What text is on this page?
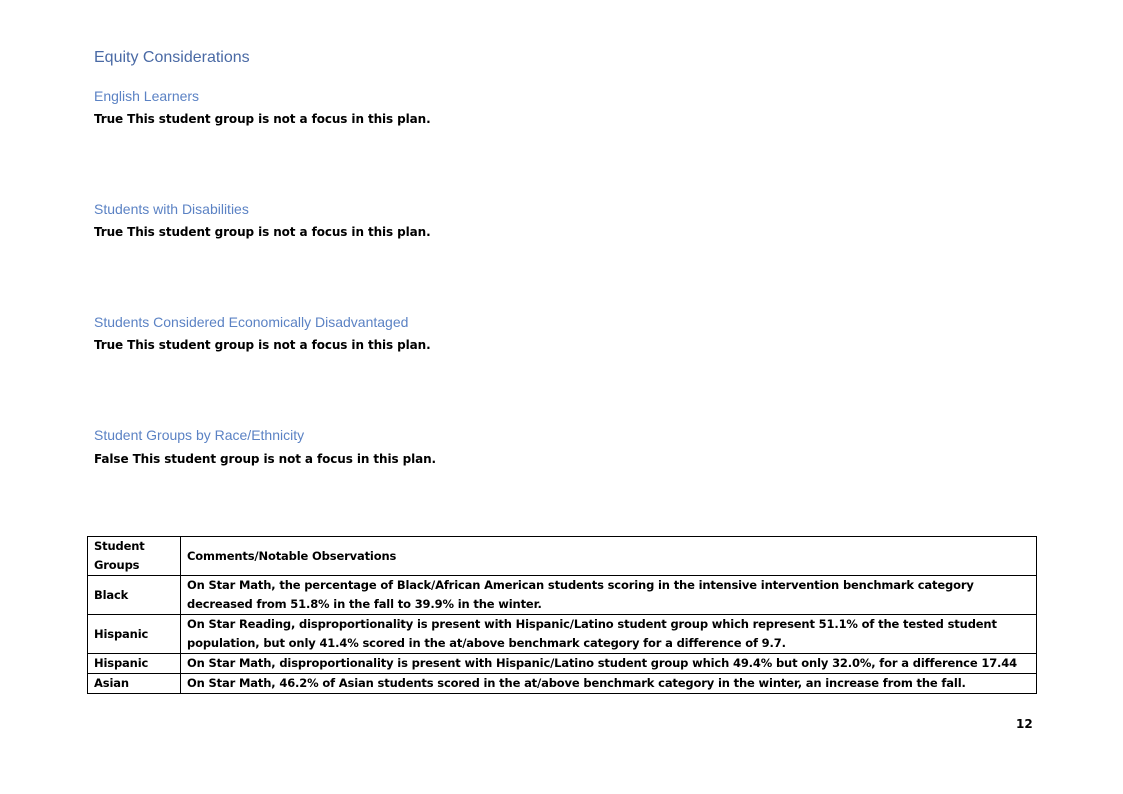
Equity Considerations
English Learners

True This student group is not a focus in this plan.

Students with Disabilities

True This student group is not a focus in this plan.

Students Considered Economically Disadvantaged

True This student group is not a focus in this plan.

Student Groups by Race/Ethnicity

False This student group is not a focus in this plan.

Student Groups	Comments/Notable Observations
Black	On Star Math, the percentage of Black/African American students scoring in the intensive intervention benchmark category decreased from 51.8% in the fall to 39.9% in the winter.
Hispanic	On Star Reading, disproportionality is present with Hispanic/Latino student group which represent 51.1% of the tested student population, but only 41.4% scored in the at/above benchmark category for a difference of 9.7.
Hispanic	On Star Math, disproportionality is present with Hispanic/Latino student group which 49.4% but only 32.0%, for a difference 17.44
Asian	On Star Math, 46.2% of Asian students scored in the at/above benchmark category in the winter, an increase from the fall.
12
